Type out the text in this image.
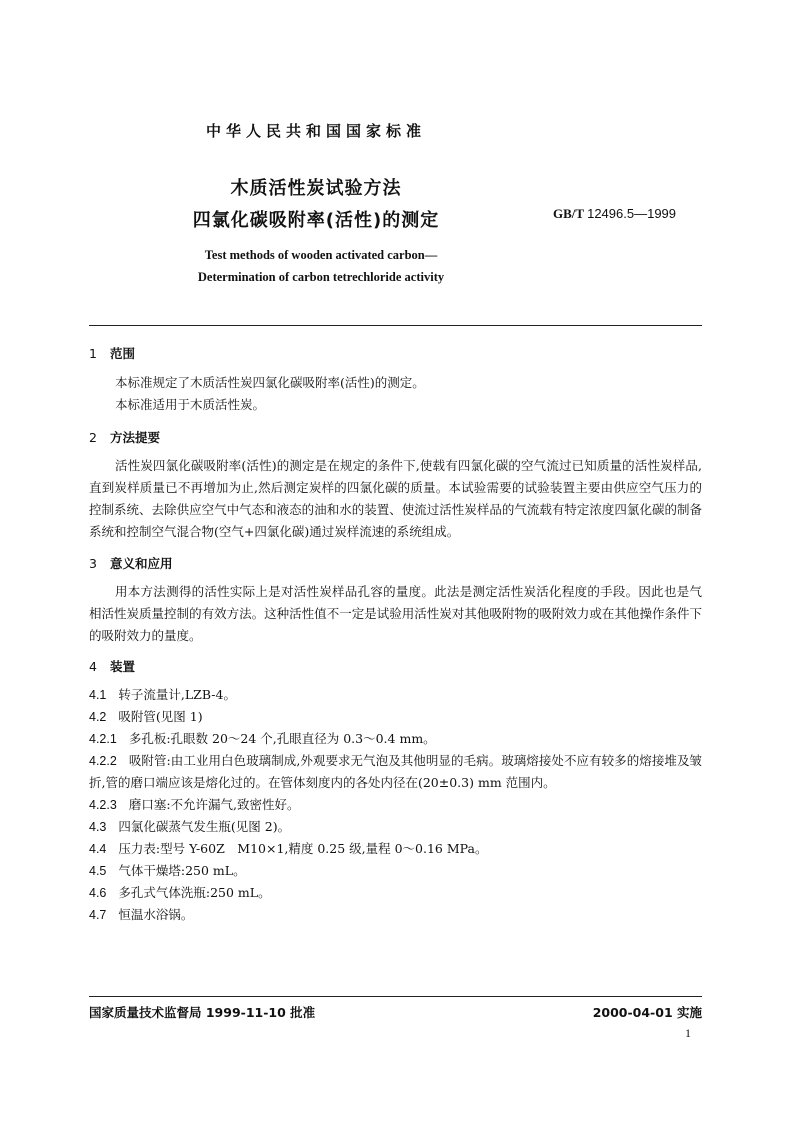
中华人民共和国国家标准
木质活性炭试验方法
四氯化碳吸附率(活性)的测定	GB/T 12496.5—1999
Test methods of wooden activated carbon—
Determination of carbon tetrechloride activity
1 范围

本标准规定了木质活性炭四氯化碳吸附率(活性)的测定。

本标准适用于木质活性炭。

2 方法提要

活性炭四氯化碳吸附率(活性)的测定是在规定的条件下,使载有四氯化碳的空气流过已知质量的活性炭样品,直到炭样质量已不再增加为止,然后测定炭样的四氯化碳的质量。本试验需要的试验装置主要由供应空气压力的控制系统、去除供应空气中气态和液态的油和水的装置、使流过活性炭样品的气流载有特定浓度四氯化碳的制备系统和控制空气混合物(空气+四氯化碳)通过炭样流速的系统组成。

3 意义和应用

用本方法测得的活性实际上是对活性炭样品孔容的量度。此法是测定活性炭活化程度的手段。因此也是气相活性炭质量控制的有效方法。这种活性值不一定是试验用活性炭对其他吸附物的吸附效力或在其他操作条件下的吸附效力的量度。

4 装置
4.1 转子流量计,LZB-4。
4.2 吸附管(见图 1)
4.2.1 多孔板:孔眼数 20～24 个,孔眼直径为 0.3～0.4 mm。
4.2.2 吸附管:由工业用白色玻璃制成,外观要求无气泡及其他明显的毛病。玻璃熔接处不应有较多的熔接堆及皱折,管的磨口端应该是熔化过的。在管体刻度内的各处内径在(20±0.3) mm 范围内。
4.2.3 磨口塞:不允许漏气,致密性好。
4.3 四氯化碳蒸气发生瓶(见图 2)。
4.4 压力表:型号 Y-60Z　M10×1,精度 0.25 级,量程 0～0.16 MPa。
4.5 气体干燥塔:250 mL。
4.6 多孔式气体洗瓶:250 mL。
4.7 恒温水浴锅。
国家质量技术监督局 1999-11-10 批准	2000-04-01 实施
1
